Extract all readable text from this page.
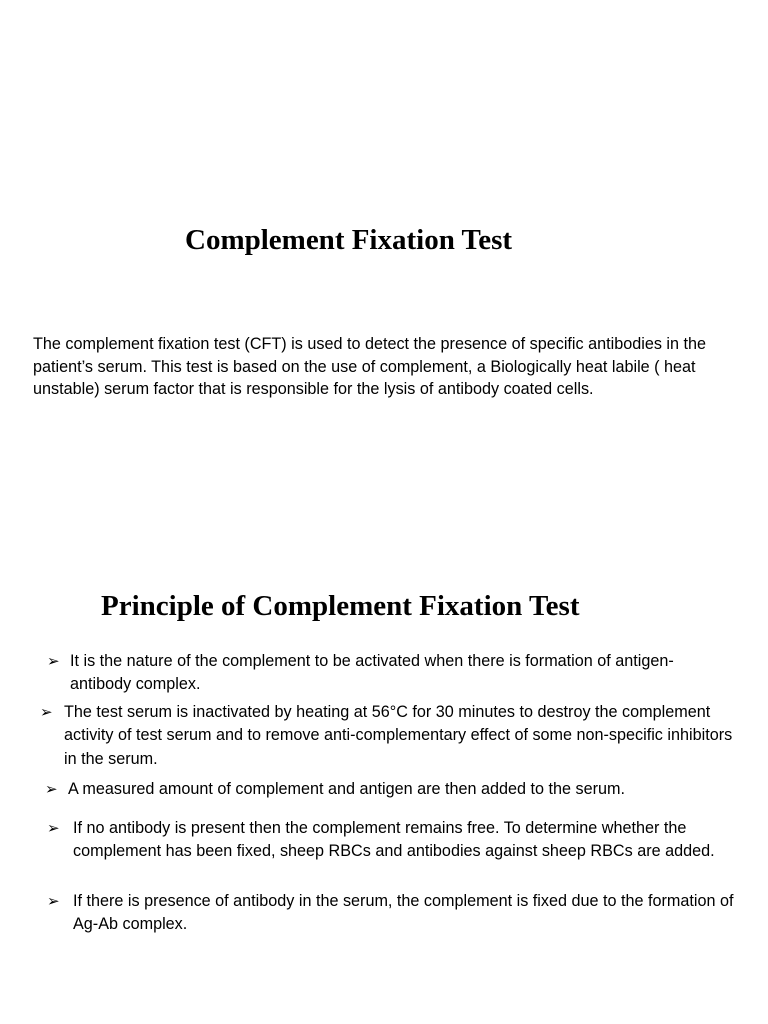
Complement Fixation Test

The complement fixation test (CFT) is used to detect the presence of specific antibodies in the patient’s serum. This test is based on the use of complement, a Biologically heat labile ( heat unstable) serum factor that is responsible for the lysis of antibody coated cells.

Principle of Complement Fixation Test
➢ It is the nature of the complement to be activated when there is formation of antigen-antibody complex.
➢ The test serum is inactivated by heating at 56°C for 30 minutes to destroy the complement activity of test serum and to remove anti-complementary effect of some non-specific inhibitors in the serum.
➢ A measured amount of complement and antigen are then added to the serum.
➢ If no antibody is present then the complement remains free. To determine whether the complement has been fixed, sheep RBCs and antibodies against sheep RBCs are added.
➢ If there is presence of antibody in the serum, the complement is fixed due to the formation of Ag-Ab complex.
